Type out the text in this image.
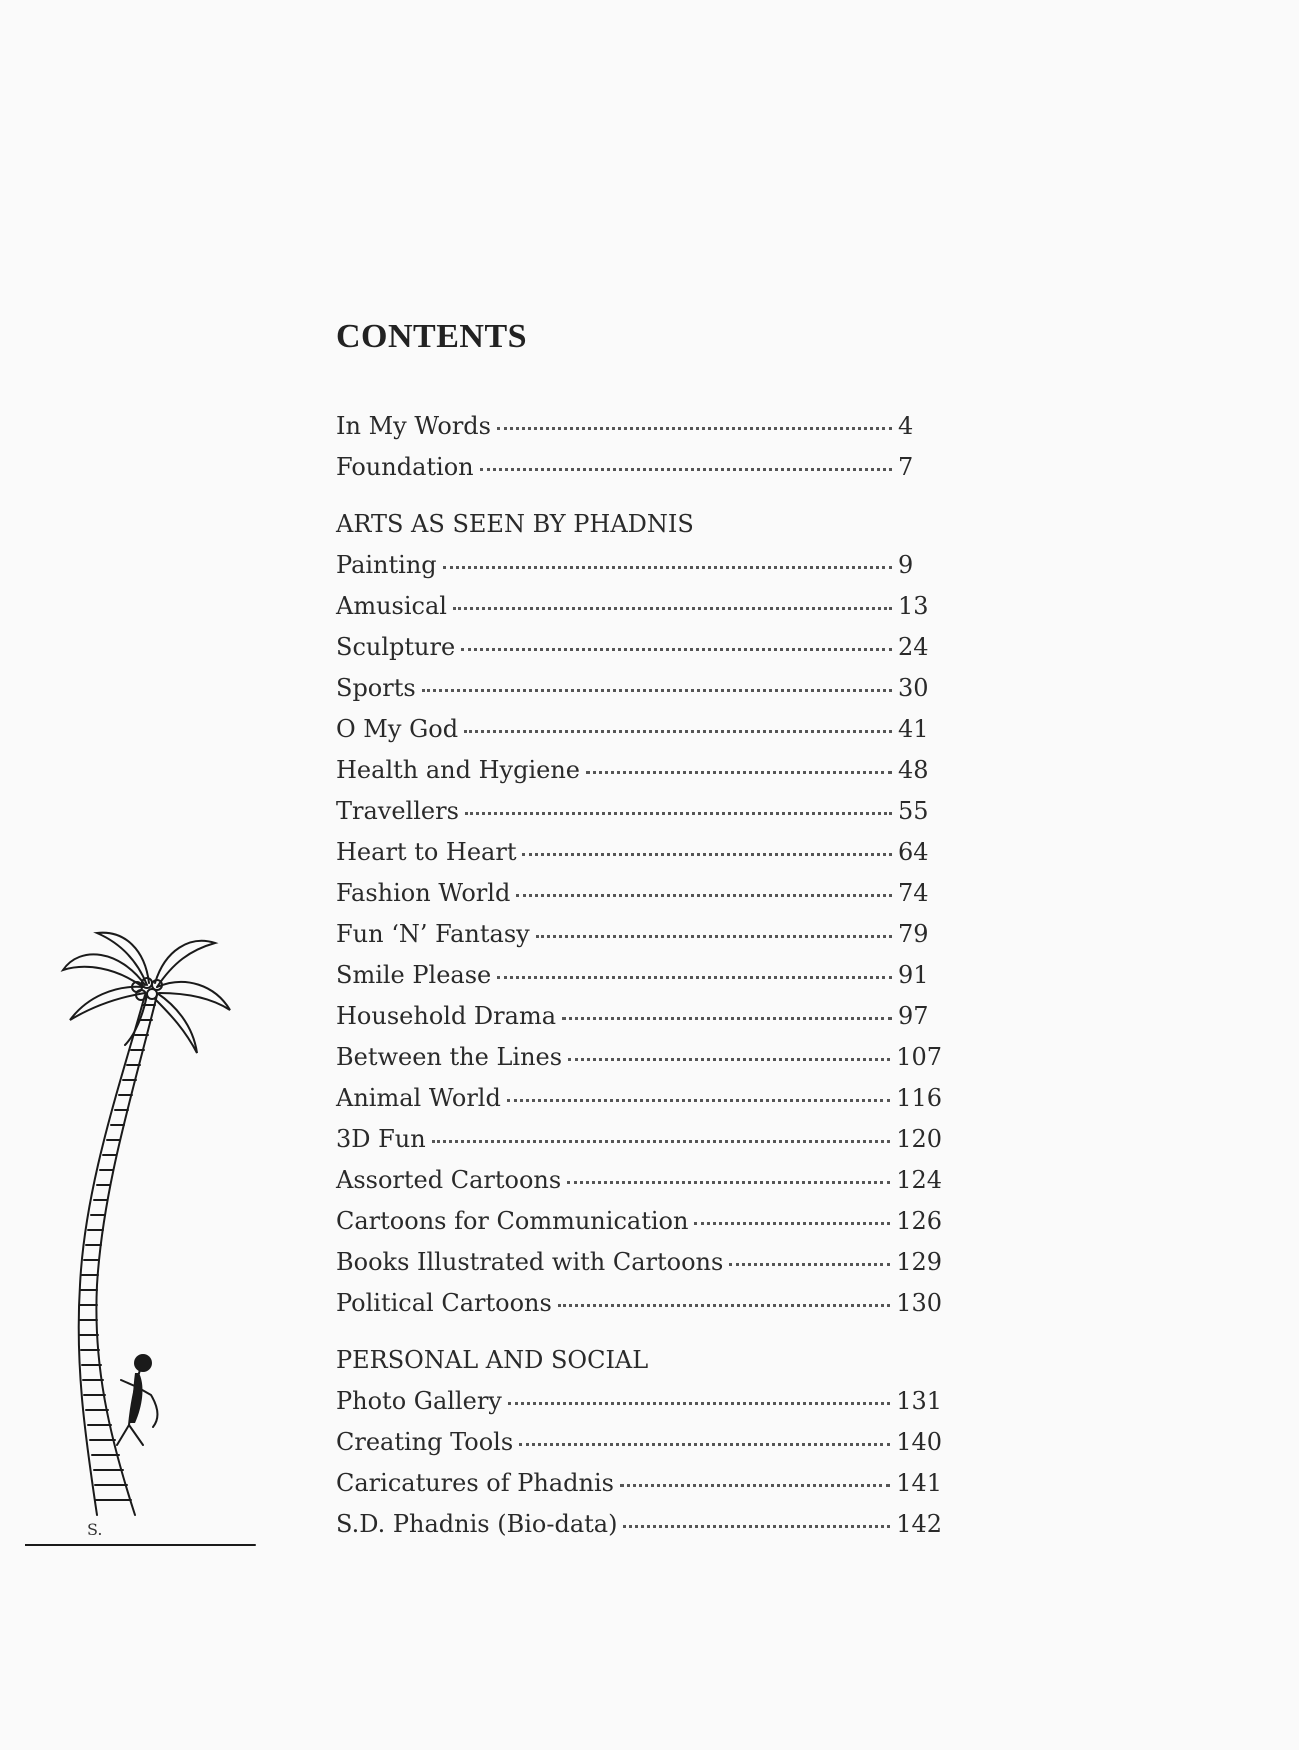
CONTENTS
In My Words	4
Foundation	7
ARTS AS SEEN BY PHADNIS
Painting	9
Amusical	13
Sculpture	24
Sports	30
O My God	41
Health and Hygiene	48
Travellers	55
Heart to Heart	64
Fashion World	74
Fun ‘N’ Fantasy	79
Smile Please	91
Household Drama	97
Between the Lines	107
Animal World	116
3D Fun	120
Assorted Cartoons	124
Cartoons for Communication	126
Books Illustrated with Cartoons	129
Political Cartoons	130
PERSONAL AND SOCIAL
Photo Gallery	131
Creating Tools	140
Caricatures of Phadnis	141
S.D. Phadnis (Bio-data)	142
S.
